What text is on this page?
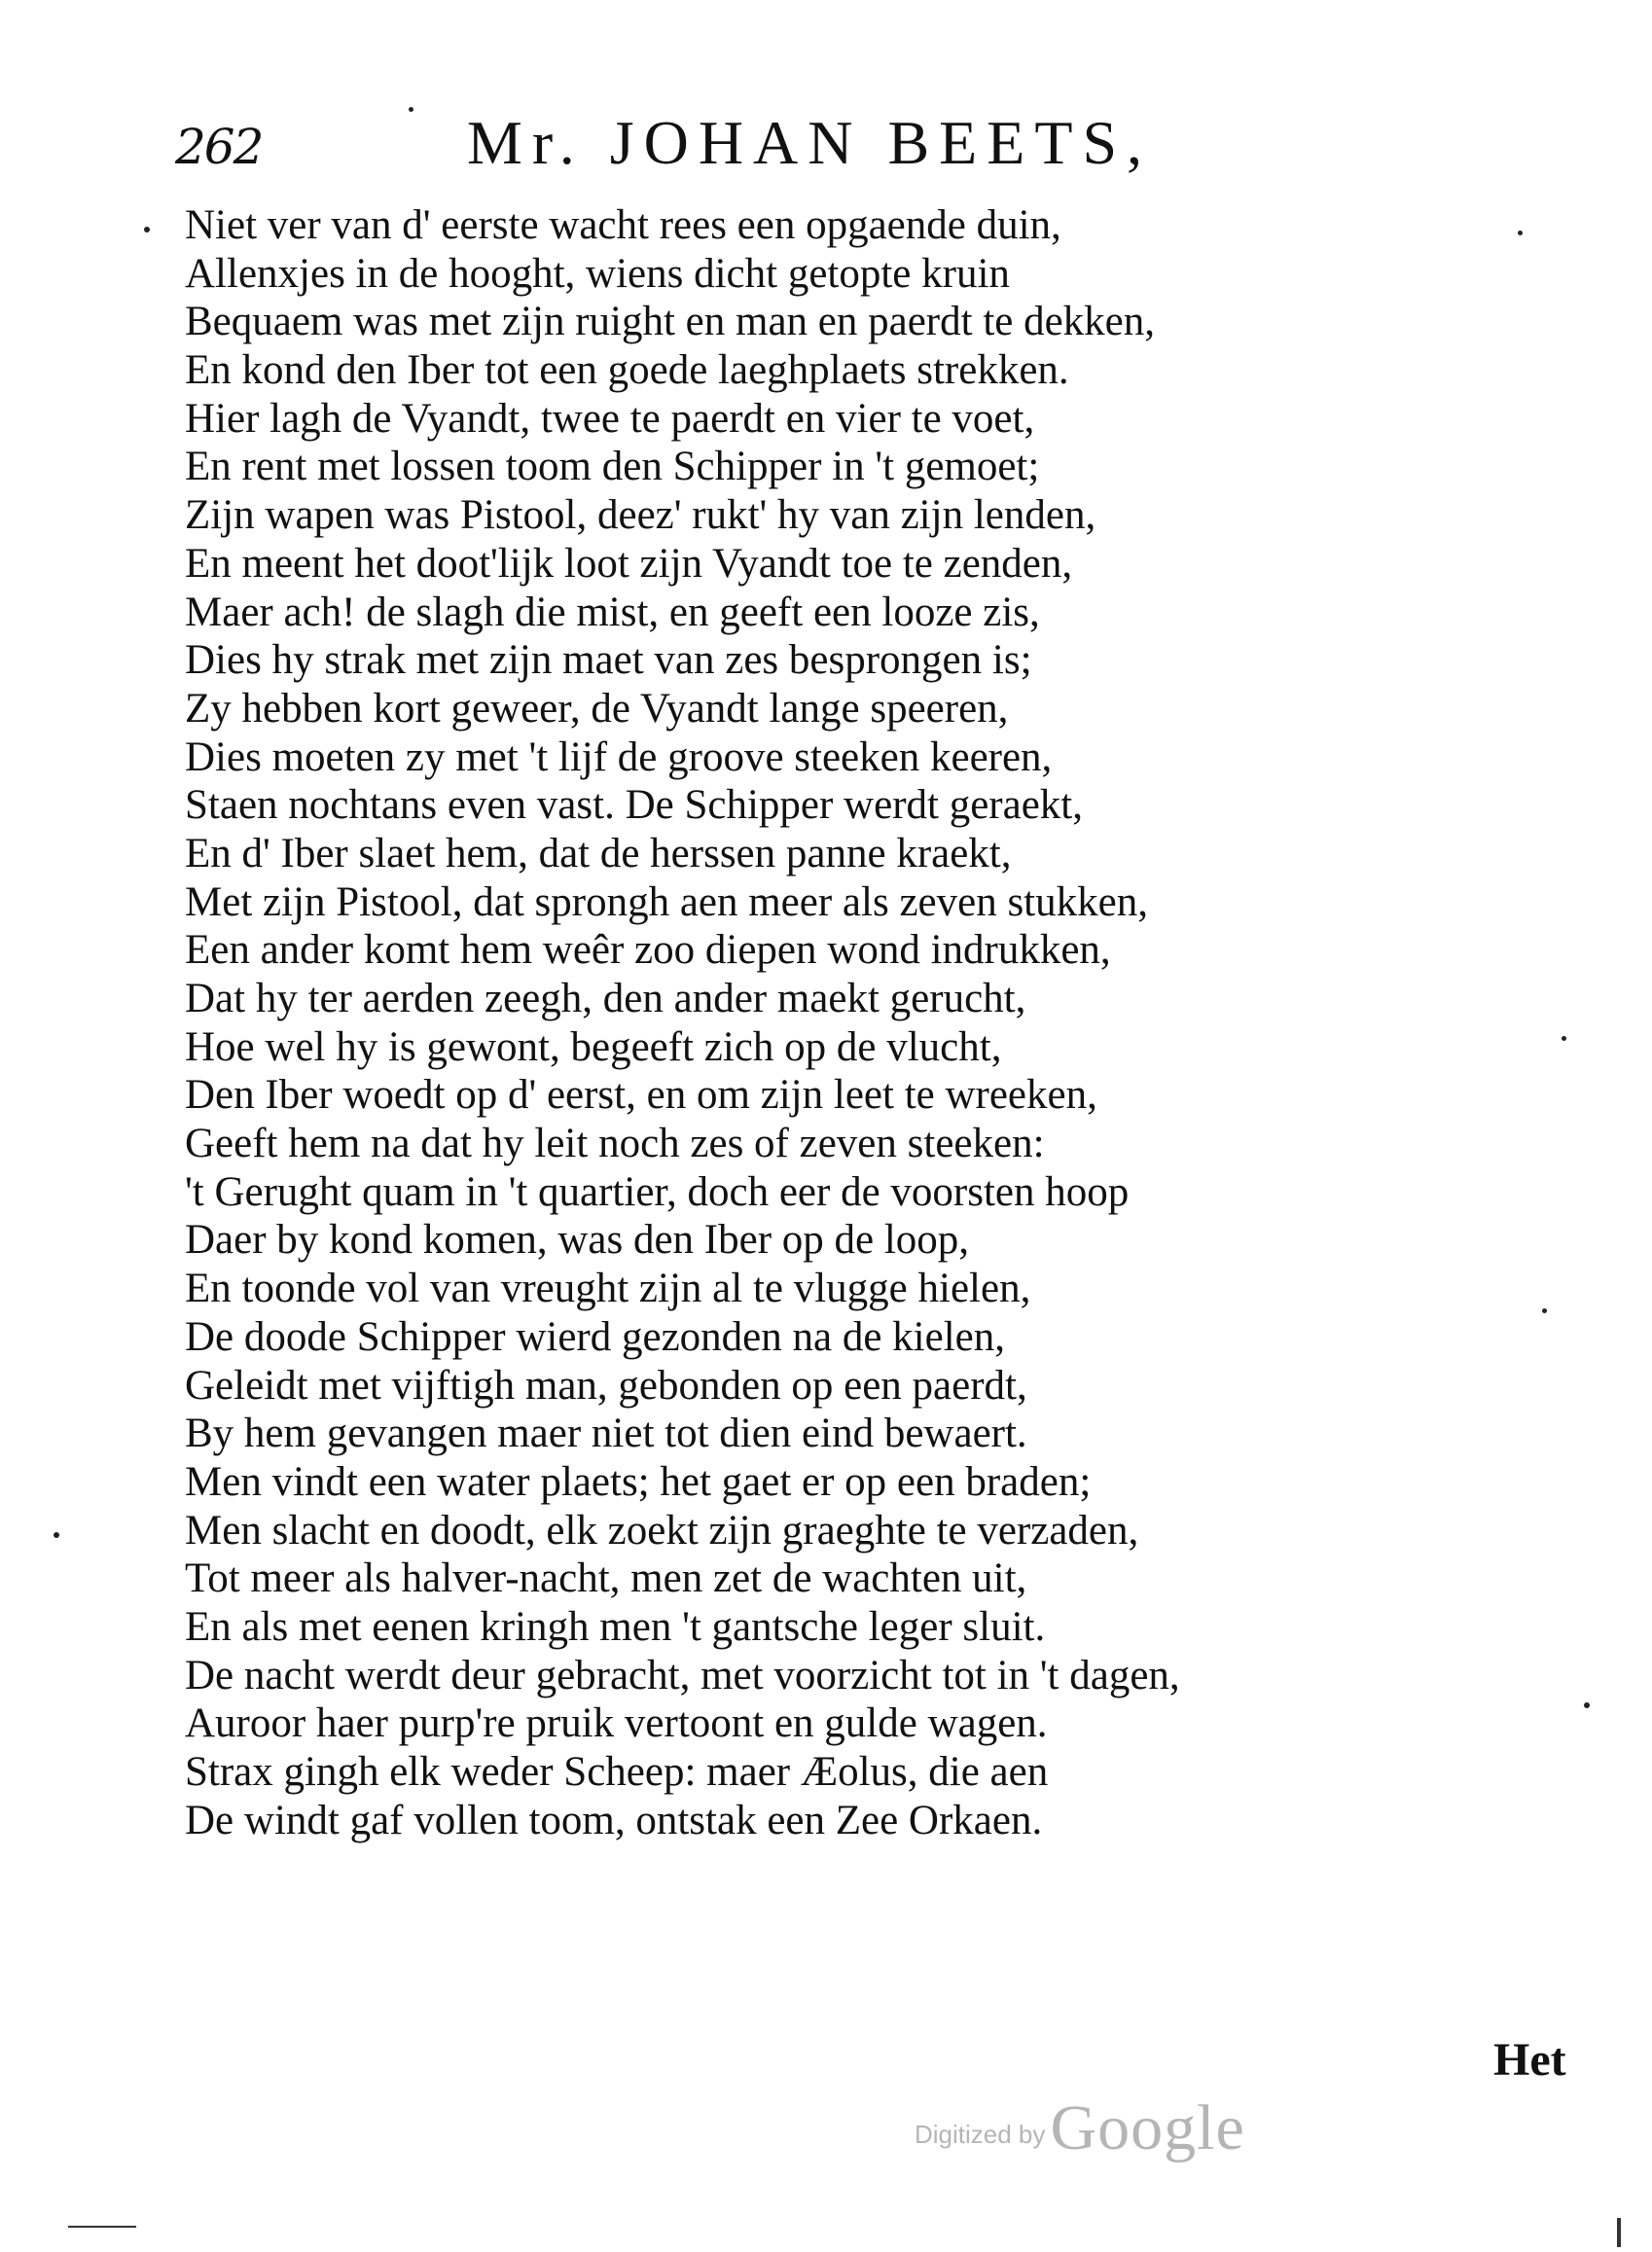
262	Mr. JOHAN BEETS,
Niet ver van d' eerste wacht rees een opgaende duin,
Allenxjes in de hooght, wiens dicht getopte kruin
Bequaem was met zijn ruight en man en paerdt te dekken,
En kond den Iber tot een goede laeghplaets strekken.
Hier lagh de Vyandt, twee te paerdt en vier te voet,
En rent met lossen toom den Schipper in 't gemoet;
Zijn wapen was Pistool, deez' rukt' hy van zijn lenden,
En meent het doot'lijk loot zijn Vyandt toe te zenden,
Maer ach! de slagh die mist, en geeft een looze zis,
Dies hy strak met zijn maet van zes besprongen is;
Zy hebben kort geweer, de Vyandt lange speeren,
Dies moeten zy met 't lijf de groove steeken keeren,
Staen nochtans even vast. De Schipper werdt geraekt,
En d' Iber slaet hem, dat de herssen panne kraekt,
Met zijn Pistool, dat sprongh aen meer als zeven stukken,
Een ander komt hem weêr zoo diepen wond indrukken,
Dat hy ter aerden zeegh, den ander maekt gerucht,
Hoe wel hy is gewont, begeeft zich op de vlucht,
Den Iber woedt op d' eerst, en om zijn leet te wreeken,
Geeft hem na dat hy leit noch zes of zeven steeken:
't Gerught quam in 't quartier, doch eer de voorsten hoop
Daer by kond komen, was den Iber op de loop,
En toonde vol van vreught zijn al te vlugge hielen,
De doode Schipper wierd gezonden na de kielen,
Geleidt met vijftigh man, gebonden op een paerdt,
By hem gevangen maer niet tot dien eind bewaert.
Men vindt een water plaets; het gaet er op een braden;
Men slacht en doodt, elk zoekt zijn graeghte te verzaden,
Tot meer als halver-nacht, men zet de wachten uit,
En als met eenen kringh men 't gantsche leger sluit.
De nacht werdt deur gebracht, met voorzicht tot in 't dagen,
Auroor haer purp're pruik vertoont en gulde wagen.
Strax gingh elk weder Scheep: maer Æolus, die aen
De windt gaf vollen toom, ontstak een Zee Orkaen.
Het
Digitized by Google
